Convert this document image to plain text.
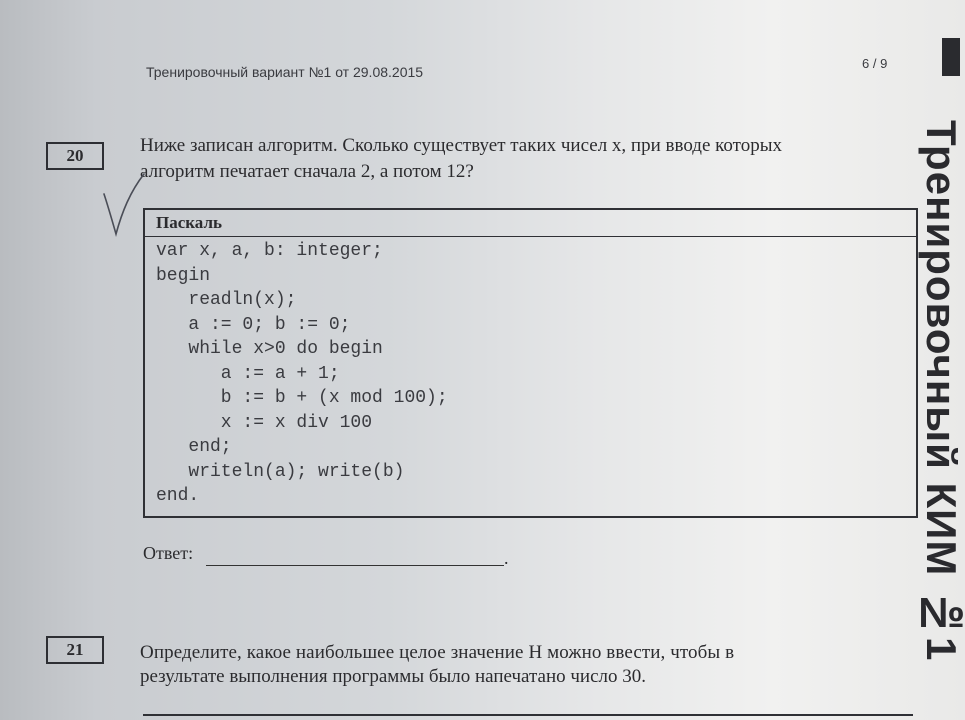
Тренировочный вариант №1 от 29.08.2015
6 / 9
Тренировочный КИМ №1
20	Ниже записан алгоритм. Сколько существует таких чисел x, при вводе которых
алгоритм печатает сначала 2, а потом 12?
Паскаль
var x, a, b: integer;
begin
readln(x);
a := 0; b := 0;
while x>0 do begin
a := a + 1;
b := b + (x mod 100);
x := x div 100
end;
writeln(a); write(b)
end.
Ответ:	.
21	Определите, какое наибольшее целое значение H можно ввести, чтобы в
результате выполнения программы было напечатано число 30.
